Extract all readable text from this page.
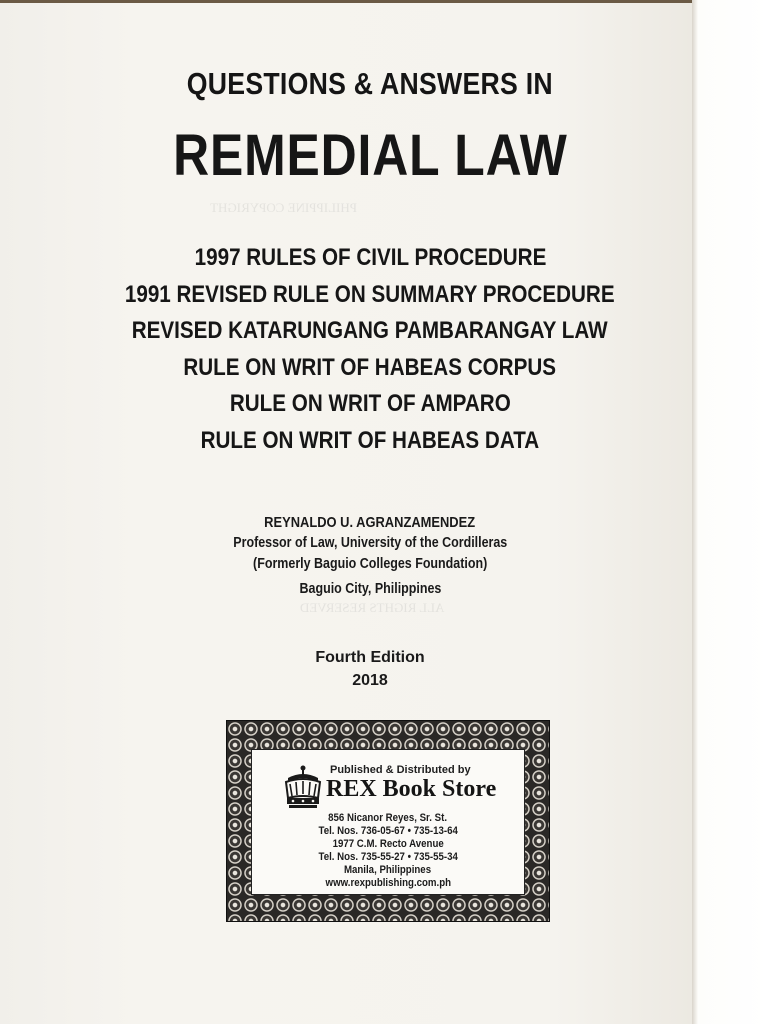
PHILIPPINE COPYRIGHT
ALL RIGHTS RESERVED
QUESTIONS & ANSWERS IN
REMEDIAL LAW
1997 RULES OF CIVIL PROCEDURE
1991 REVISED RULE ON SUMMARY PROCEDURE
REVISED KATARUNGANG PAMBARANGAY LAW
RULE ON WRIT OF HABEAS CORPUS
RULE ON WRIT OF AMPARO
RULE ON WRIT OF HABEAS DATA
REYNALDO U. AGRANZAMENDEZ
Professor of Law, University of the Cordilleras
(Formerly Baguio Colleges Foundation)
Baguio City, Philippines
Fourth Edition
2018
Published & Distributed by
REX Book Store
856 Nicanor Reyes, Sr. St.
Tel. Nos. 736-05-67 • 735-13-64
1977 C.M. Recto Avenue
Tel. Nos. 735-55-27 • 735-55-34
Manila, Philippines
www.rexpublishing.com.ph
